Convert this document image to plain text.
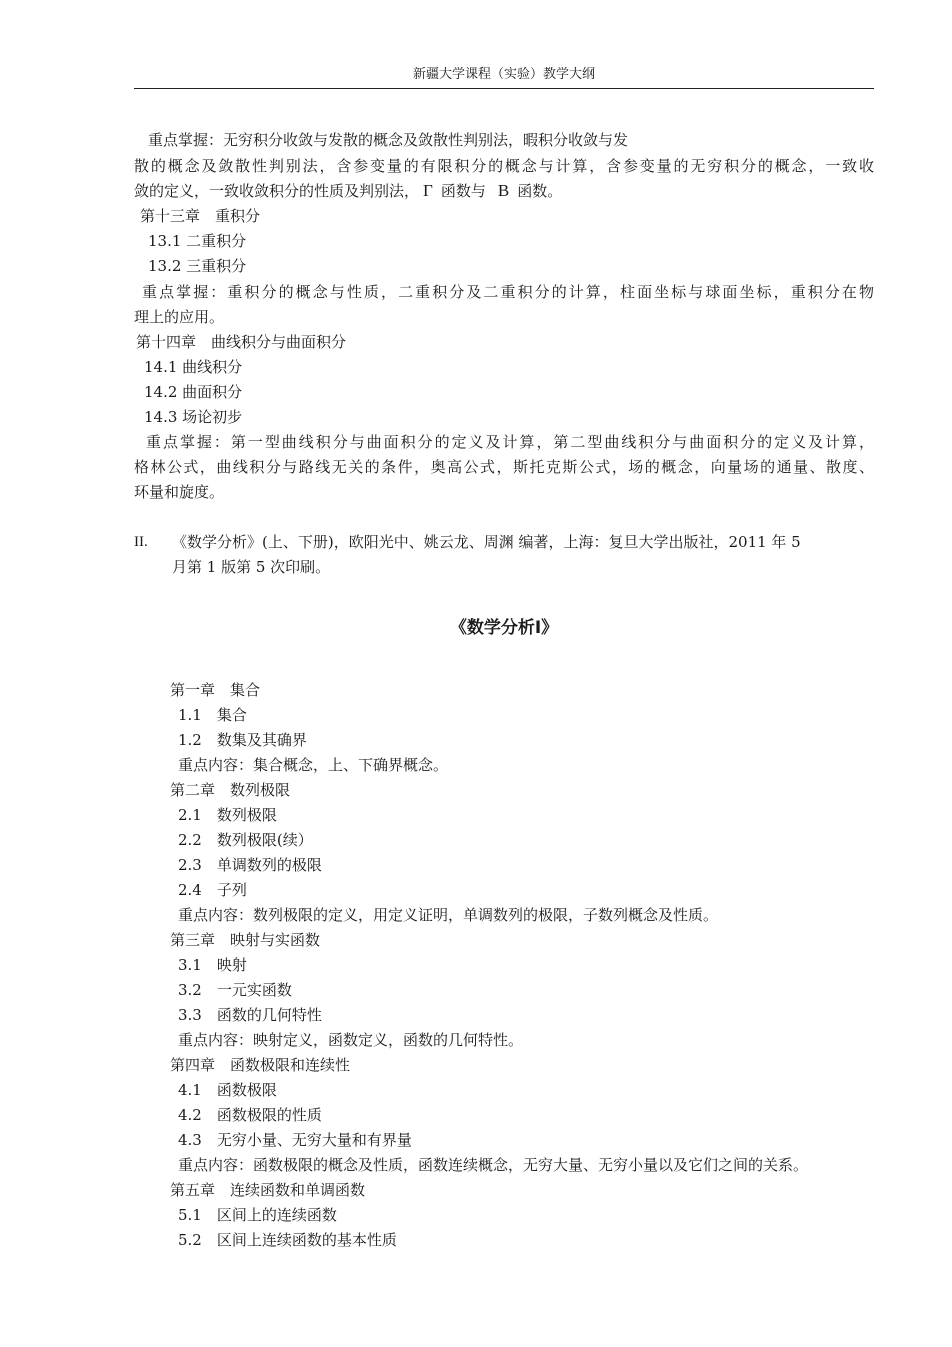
新疆大学课程（实验）教学大纲
重点掌握：无穷积分收敛与发散的概念及敛散性判别法，暇积分收敛与发
散的概念及敛散性判别法，含参变量的有限积分的概念与计算，含参变量的无穷积分的概念，一致收
敛的定义，一致收敛积分的性质及判别法， Γ 函数与 B 函数。
第十三章　重积分
13.1 二重积分
13.2 三重积分
重点掌握：重积分的概念与性质，二重积分及二重积分的计算，柱面坐标与球面坐标，重积分在物
理上的应用。
第十四章　曲线积分与曲面积分
14.1 曲线积分
14.2 曲面积分
14.3 场论初步
重点掌握：第一型曲线积分与曲面积分的定义及计算，第二型曲线积分与曲面积分的定义及计算，
格林公式，曲线积分与路线无关的条件，奥高公式，斯托克斯公式，场的概念，向量场的通量、散度、
环量和旋度。
II. 《数学分析》(上、下册)，欧阳光中、姚云龙、周渊 编著，上海：复旦大学出版社，2011 年 5
月第 1 版第 5 次印刷。
《数学分析Ⅰ》
第一章　集合
1.1　集合
1.2　数集及其确界
重点内容：集合概念，上、下确界概念。
第二章　数列极限
2.1　数列极限
2.2　数列极限(续）
2.3　单调数列的极限
2.4　子列
重点内容：数列极限的定义，用定义证明，单调数列的极限，子数列概念及性质。
第三章　映射与实函数
3.1　映射
3.2　一元实函数
3.3　函数的几何特性
重点内容：映射定义，函数定义，函数的几何特性。
第四章　函数极限和连续性
4.1　函数极限
4.2　函数极限的性质
4.3　无穷小量、无穷大量和有界量
重点内容：函数极限的概念及性质，函数连续概念，无穷大量、无穷小量以及它们之间的关系。
第五章　连续函数和单调函数
5.1　区间上的连续函数
5.2　区间上连续函数的基本性质
